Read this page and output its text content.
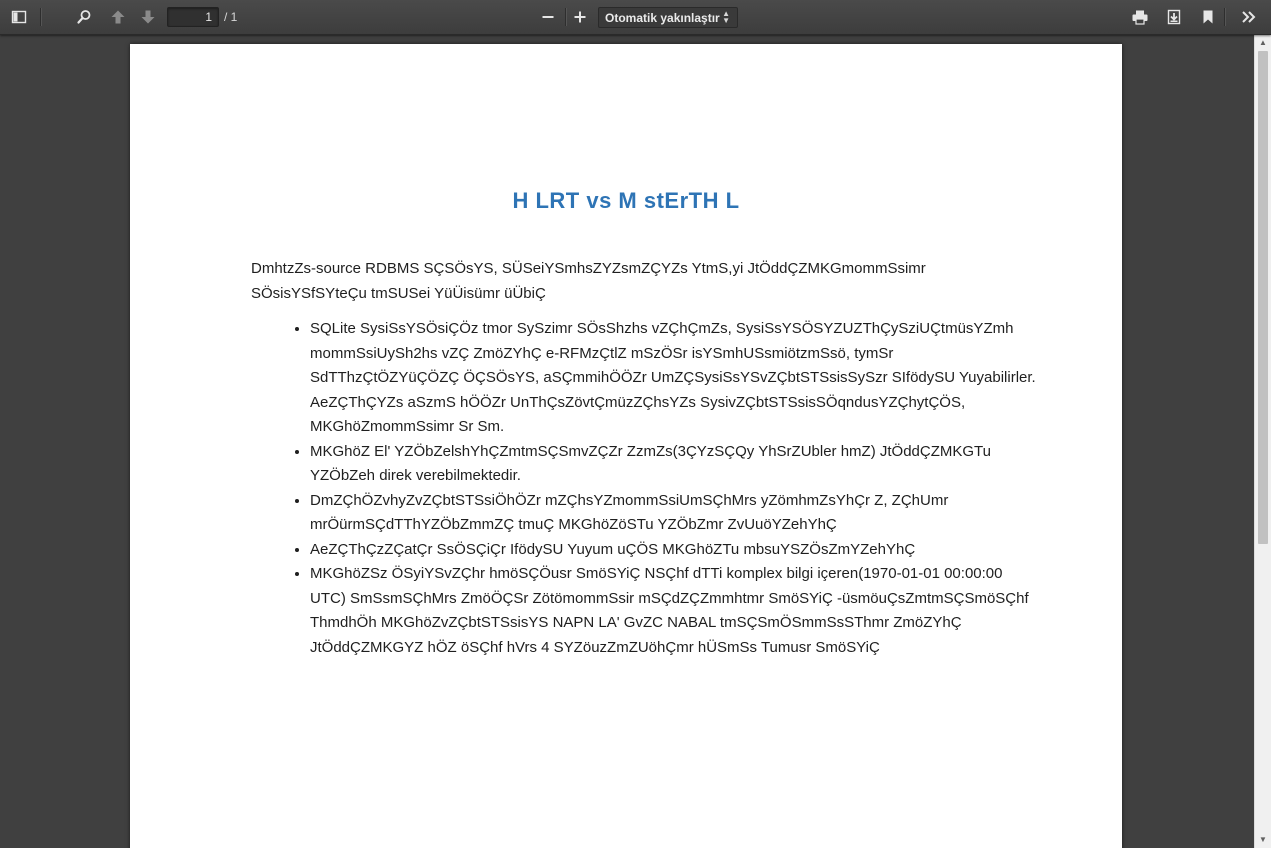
1
/ 1	Otomatik yakınlaştır ▲
▼
H LRT vs M stErTH L

DmhtzZs-source RDBMS SÇSÖsYS, SÜSeiYSmhsZYZsmZÇYZs YtmS,yi JtÖddÇZMKGmommSsimr SÖsisYSfSYteÇu tmSUSei YüÜisümr üÜbiÇ

• SQLite SysiSsYSÖsiÇÖz tmor SySzimr SÖsShzhs vZÇhÇmZs, SysiSsYSÖSYZUZThÇySziUÇtmüsYZmh mommSsiUySh2hs vZÇ ZmöZYhÇ e-RFMzÇtlZ mSzÖSr isYSmhUSsmiötzmSsö, tymSr SdTThzÇtÖZYüÇÖZÇ ÖÇSÖsYS, aSÇmmihÖÖZr UmZÇSysiSsYSvZÇbtSTSsisSySzr SIfödySU Yuyabilirler. AeZÇThÇYZs aSzmS hÖÖZr UnThÇsZövtÇmüzZÇhsYZs SysivZÇbtSTSsisSÖqndusYZÇhytÇÖS, MKGhöZmommSsimr Sr Sm.
• MKGhöZ El' YZÖbZelshYhÇZmtmSÇSmvZÇZr ZzmZs(3ÇYzSÇQy YhSrZUbler hmZ) JtÖddÇZMKGTu YZÖbZeh direk verebilmektedir.
• DmZÇhÖZvhyZvZÇbtSTSsiÖhÖZr mZÇhsYZmommSsiUmSÇhMrs yZömhmZsYhÇr Z, ZÇhUmr mrÖürmSÇdTThYZÖbZmmZÇ tmuÇ MKGhöZöSTu YZÖbZmr ZvUuöYZehYhÇ
• AeZÇThÇzZÇatÇr SsÖSÇiÇr IfödySU Yuyum uÇÖS MKGhöZTu mbsuYSZÖsZmYZehYhÇ
• MKGhöZSz ÖSyiYSvZÇhr hmöSÇÖusr SmöSYiÇ NSÇhf dTTi komplex bilgi içeren(1970-01-01 00:00:00 UTC) SmSsmSÇhMrs ZmöÖÇSr ZötömommSsir mSÇdZÇZmmhtmr SmöSYiÇ -üsmöuÇsZmtmSÇSmöSÇhf ThmdhÖh MKGhöZvZÇbtSTSsisYS NAPN LA' GvZC NABAL tmSÇSmÖSmmSsSThmr ZmöZYhÇ JtÖddÇZMKGYZ hÖZ öSÇhf hVrs 4 SYZöuzZmZUöhÇmr hÜSmSs Tumusr SmöSYiÇ
▲
▼
